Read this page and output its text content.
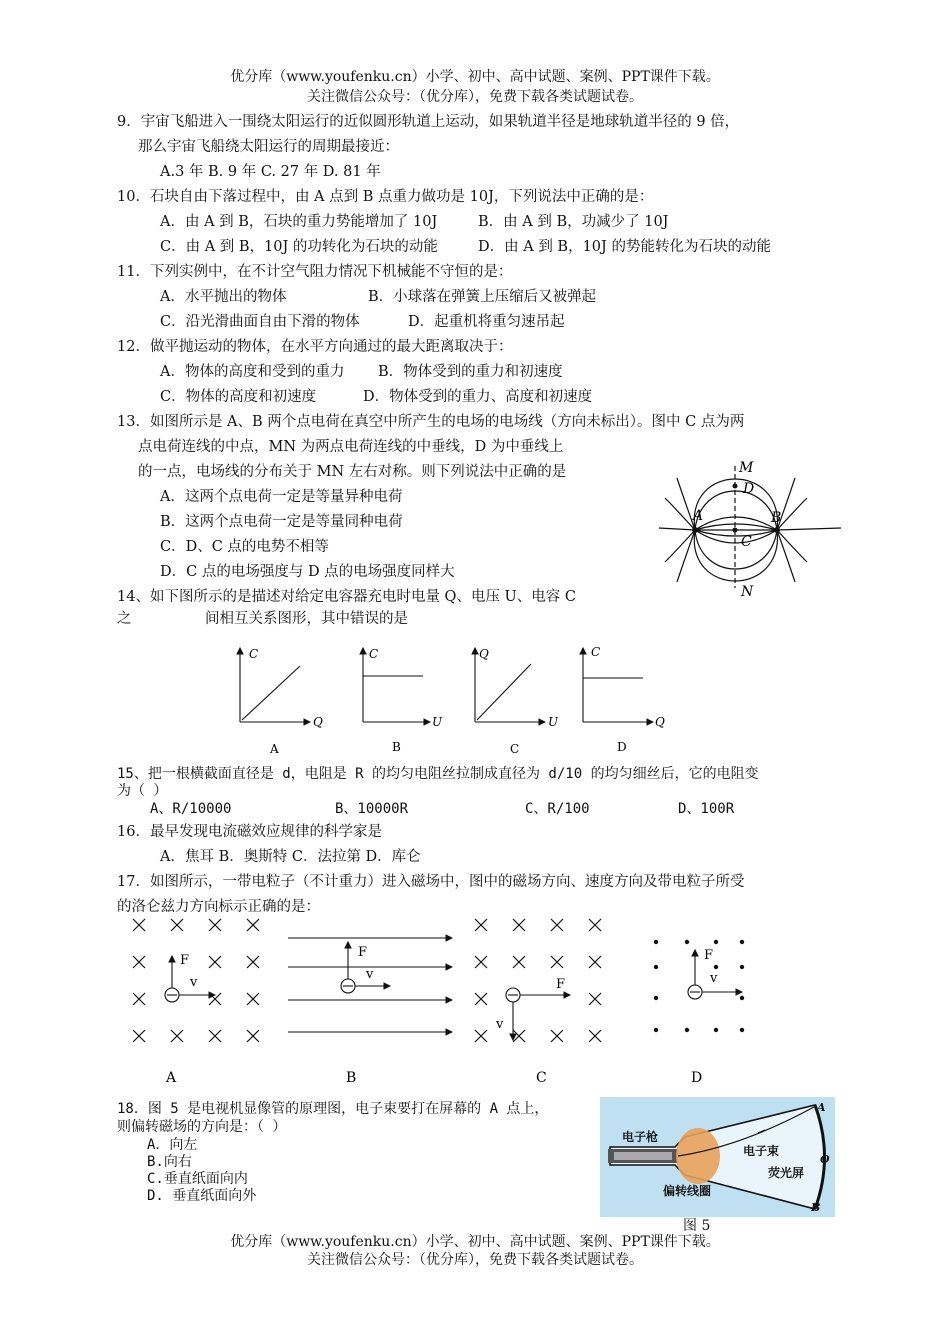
优分库（www.youfenku.cn）小学、初中、高中试题、案例、PPT课件下载。
关注微信公众号：（优分库），免费下载各类试题试卷。
9．宇宙飞船进入一围绕太阳运行的近似圆形轨道上运动，如果轨道半径是地球轨道半径的 9 倍，
那么宇宙飞船绕太阳运行的周期最接近：
A.3 年 B. 9 年 C. 27 年 D. 81 年
10．石块自由下落过程中，由 A 点到 B 点重力做功是 10J，下列说法中正确的是：
A．由 A 到 B，石块的重力势能增加了 10J	B．由 A 到 B，功减少了 10J
C．由 A 到 B，10J 的功转化为石块的动能	D．由 A 到 B，10J 的势能转化为石块的动能
11．下列实例中，在不计空气阻力情况下机械能不守恒的是：
A．水平抛出的物体	B．小球落在弹簧上压缩后又被弹起
C．沿光滑曲面自由下滑的物体	D．起重机将重匀速吊起
12．做平抛运动的物体，在水平方向通过的最大距离取决于：
A．物体的高度和受到的重力 B．物体受到的重力和初速度
C．物体的高度和初速度	D．物体受到的重力、高度和初速度
13．如图所示是 A、B 两个点电荷在真空中所产生的电场的电场线（方向未标出）。图中 C 点为两
点电荷连线的中点，MN 为两点电荷连线的中垂线，D 为中垂线上
的一点，电场线的分布关于 MN 左右对称。则下列说法中正确的是
A．这两个点电荷一定是等量异种电荷
B．这两个点电荷一定是等量同种电荷
C．D、C 点的电势不相等
D．C 点的电场强度与 D 点的电场强度同样大
M
D
A	B
C
N
14、如下图所示的是描述对给定电容器充电时电量 Q、电压 U、电容 C
之	间相互关系图形，其中错误的是
C
Q
C
U
Q
U
C
Q
A	B	C	D
15、把一根横截面直径是 d，电阻是 R 的均匀电阻丝拉制成直径为 d/10 的均匀细丝后，它的电阻变
为（ ）
A、R/10000	B、10000R	C、R/100	D、100R
16．最早发现电流磁效应规律的科学家是
A．焦耳 B．奥斯特 C．法拉第 D．库仑
17．如图所示，一带电粒子（不计重力）进入磁场中，图中的磁场方向、速度方向及带电粒子所受
的洛仑兹力方向标示正确的是：
F
v
A
F
v
B
F
v
C
F
v
D
18．图 5 是电视机显像管的原理图，电子束要打在屏幕的 A 点上，
则偏转磁场的方向是：（ ）
A．向左
B.向右
C.垂直纸面向内
D. 垂直纸面向外
电子枪
电子束
荧光屏
偏转线圈
A
O
B
图 5
优分库（www.youfenku.cn）小学、初中、高中试题、案例、PPT课件下载。
关注微信公众号：（优分库），免费下载各类试题试卷。
